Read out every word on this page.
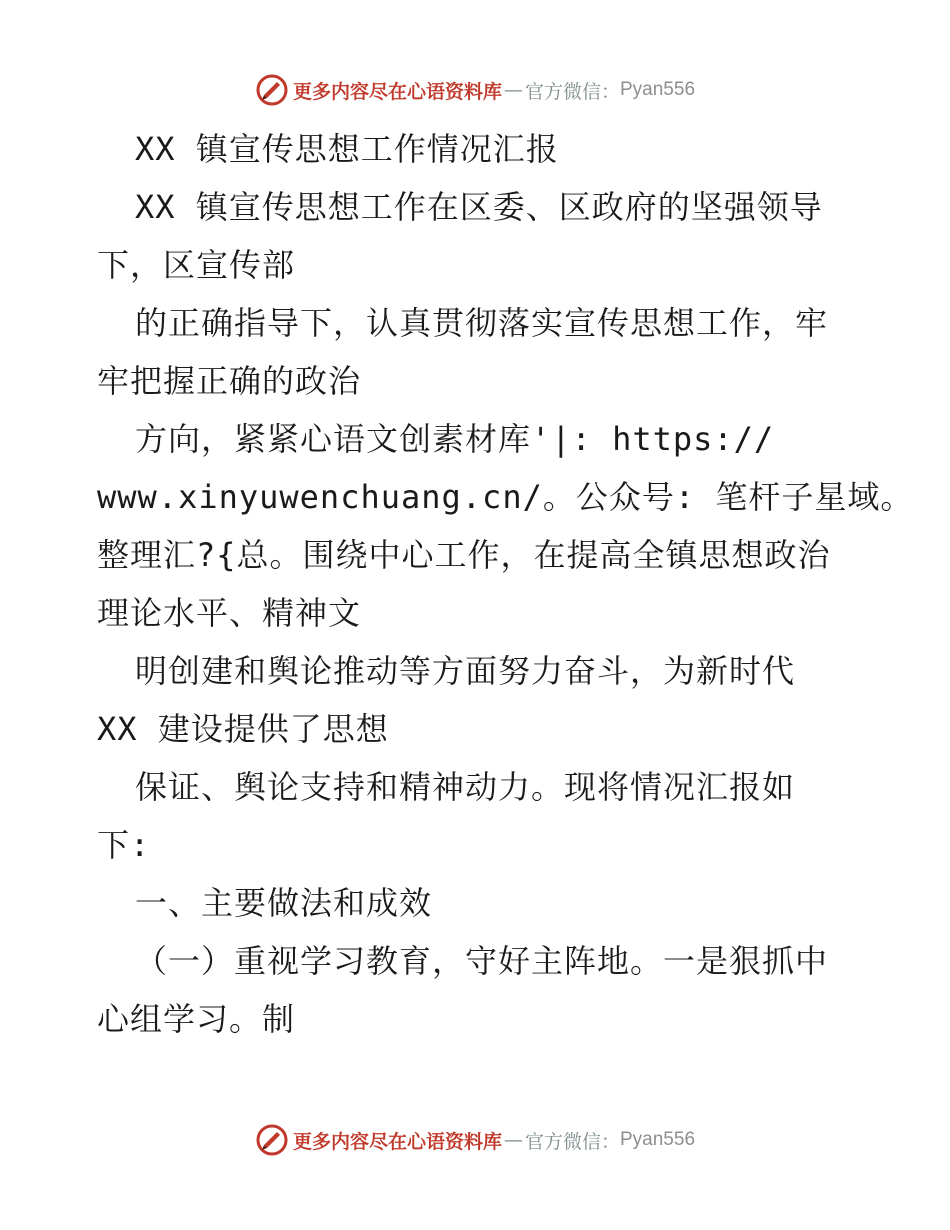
更多内容尽在心语资料库 — 官方微信： Pyan556
XX 镇宣传思想工作情况汇报
XX 镇宣传思想工作在区委、区政府的坚强领导
下，区宣传部
的正确指导下，认真贯彻落实宣传思想工作，牢
牢把握正确的政治
方向，紧紧心语文创素材库'|: https://
www.xinyuwenchuang.cn/。公众号: 笔杆子星域。
整理汇?{总。围绕中心工作，在提高全镇思想政治
理论水平、精神文
明创建和舆论推动等方面努力奋斗，为新时代
XX 建设提供了思想
保证、舆论支持和精神动力。现将情况汇报如
下:
一、主要做法和成效
（一）重视学习教育，守好主阵地。一是狠抓中
心组学习。制
更多内容尽在心语资料库 — 官方微信： Pyan556
